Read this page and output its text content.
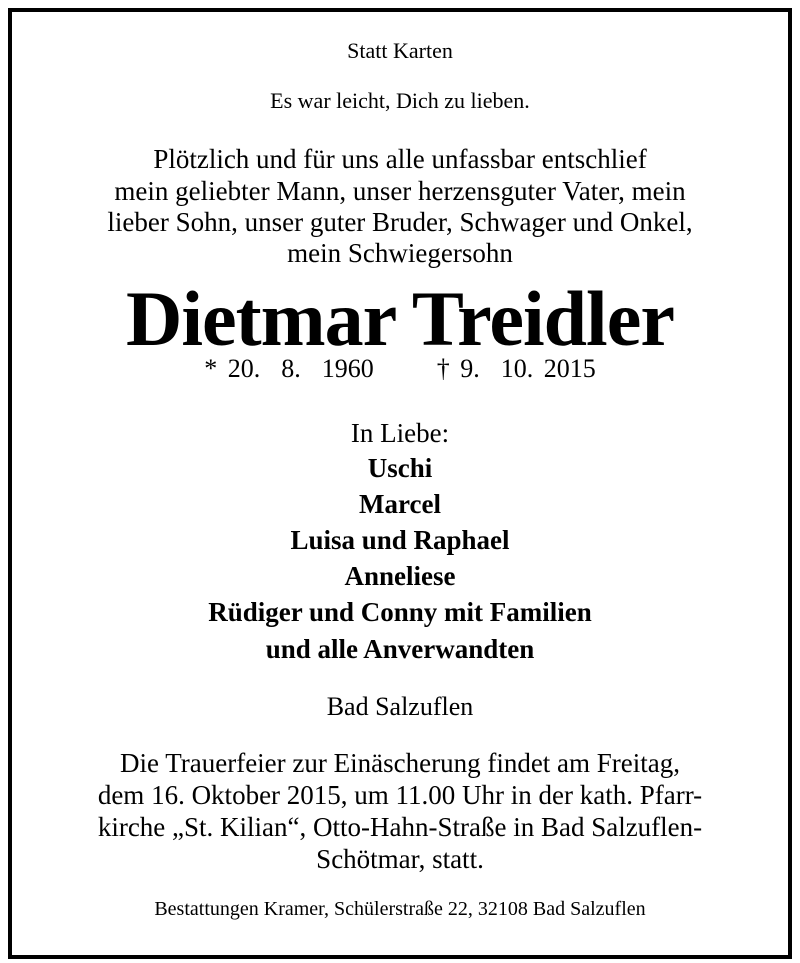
Statt Karten
Es war leicht, Dich zu lieben.
Plötzlich und für uns alle unfassbar entschlief
mein geliebter Mann, unser herzensguter Vater, mein
lieber Sohn, unser guter Bruder, Schwager und Onkel,
mein Schwiegersohn
Dietmar Treidler
* 20.  8.  1960 † 9.  10. 2015
In Liebe:
Uschi
Marcel
Luisa und Raphael
Anneliese
Rüdiger und Conny mit Familien
und alle Anverwandten
Bad Salzuflen
Die Trauerfeier zur Einäscherung findet am Freitag,
dem 16. Oktober 2015, um 11.00 Uhr in der kath. Pfarr-
kirche „St. Kilian“, Otto-Hahn-Straße in Bad Salzuflen-
Schötmar, statt.
Bestattungen Kramer, Schülerstraße 22, 32108 Bad Salzuflen
